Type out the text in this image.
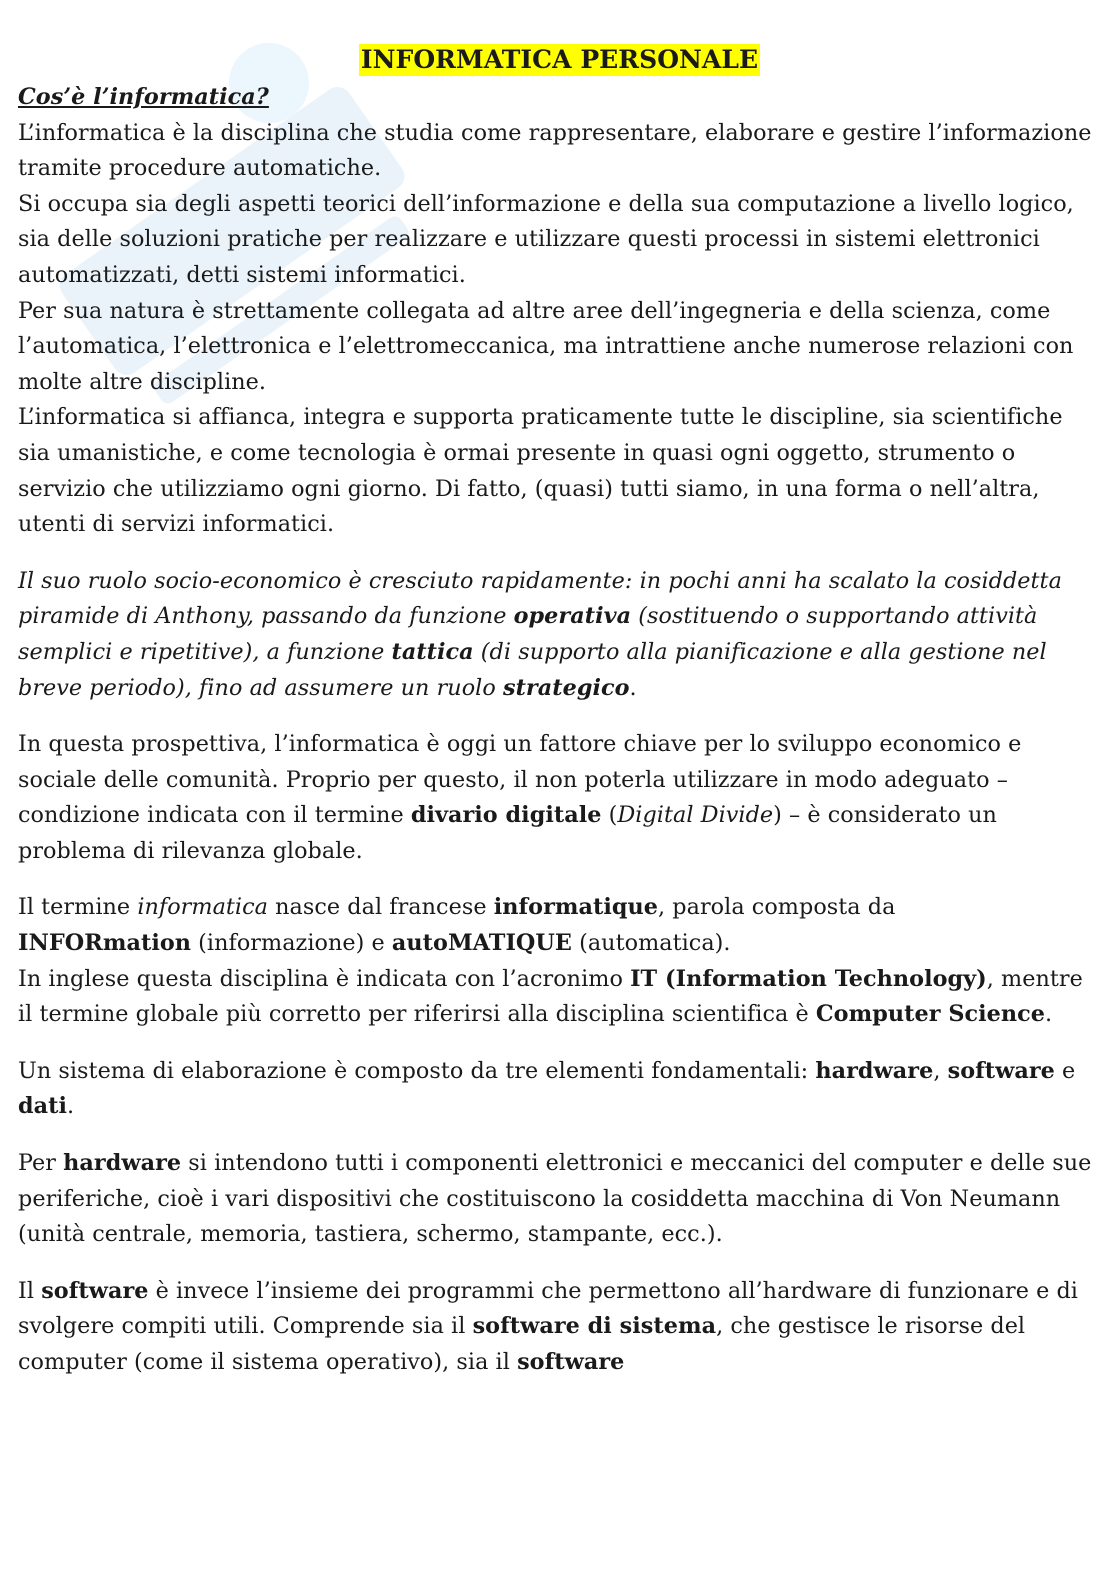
INFORMATICA PERSONALE

Cos’è l’informatica?

L’informatica è la disciplina che studia come rappresentare, elaborare e gestire l’informazione tramite procedure automatiche.

Si occupa sia degli aspetti teorici dell’informazione e della sua computazione a livello logico, sia delle soluzioni pratiche per realizzare e utilizzare questi processi in sistemi elettronici automatizzati, detti sistemi informatici.

Per sua natura è strettamente collegata ad altre aree dell’ingegneria e della scienza, come l’automatica, l’elettronica e l’elettromeccanica, ma intrattiene anche numerose relazioni con molte altre discipline.

L’informatica si affianca, integra e supporta praticamente tutte le discipline, sia scientifiche sia umanistiche, e come tecnologia è ormai presente in quasi ogni oggetto, strumento o servizio che utilizziamo ogni giorno. Di fatto, (quasi) tutti siamo, in una forma o nell’altra, utenti di servizi informatici.

Il suo ruolo socio-economico è cresciuto rapidamente: in pochi anni ha scalato la cosiddetta piramide di Anthony, passando da funzione operativa (sostituendo o supportando attività semplici e ripetitive), a funzione tattica (di supporto alla pianificazione e alla gestione nel breve periodo), fino ad assumere un ruolo strategico.

In questa prospettiva, l’informatica è oggi un fattore chiave per lo sviluppo economico e sociale delle comunità. Proprio per questo, il non poterla utilizzare in modo adeguato – condizione indicata con il termine divario digitale (Digital Divide) – è considerato un problema di rilevanza globale.

Il termine informatica nasce dal francese informatique, parola composta da
INFORmation (informazione) e autoMATIQUE (automatica).
In inglese questa disciplina è indicata con l’acronimo IT (Information Technology), mentre il termine globale più corretto per riferirsi alla disciplina scientifica è Computer Science.

Un sistema di elaborazione è composto da tre elementi fondamentali: hardware, software e dati.

Per hardware si intendono tutti i componenti elettronici e meccanici del computer e delle sue periferiche, cioè i vari dispositivi che costituiscono la cosiddetta macchina di Von Neumann (unità centrale, memoria, tastiera, schermo, stampante, ecc.).

Il software è invece l’insieme dei programmi che permettono all’hardware di funzionare e di svolgere compiti utili. Comprende sia il software di sistema, che gestisce le risorse del computer (come il sistema operativo), sia il software
